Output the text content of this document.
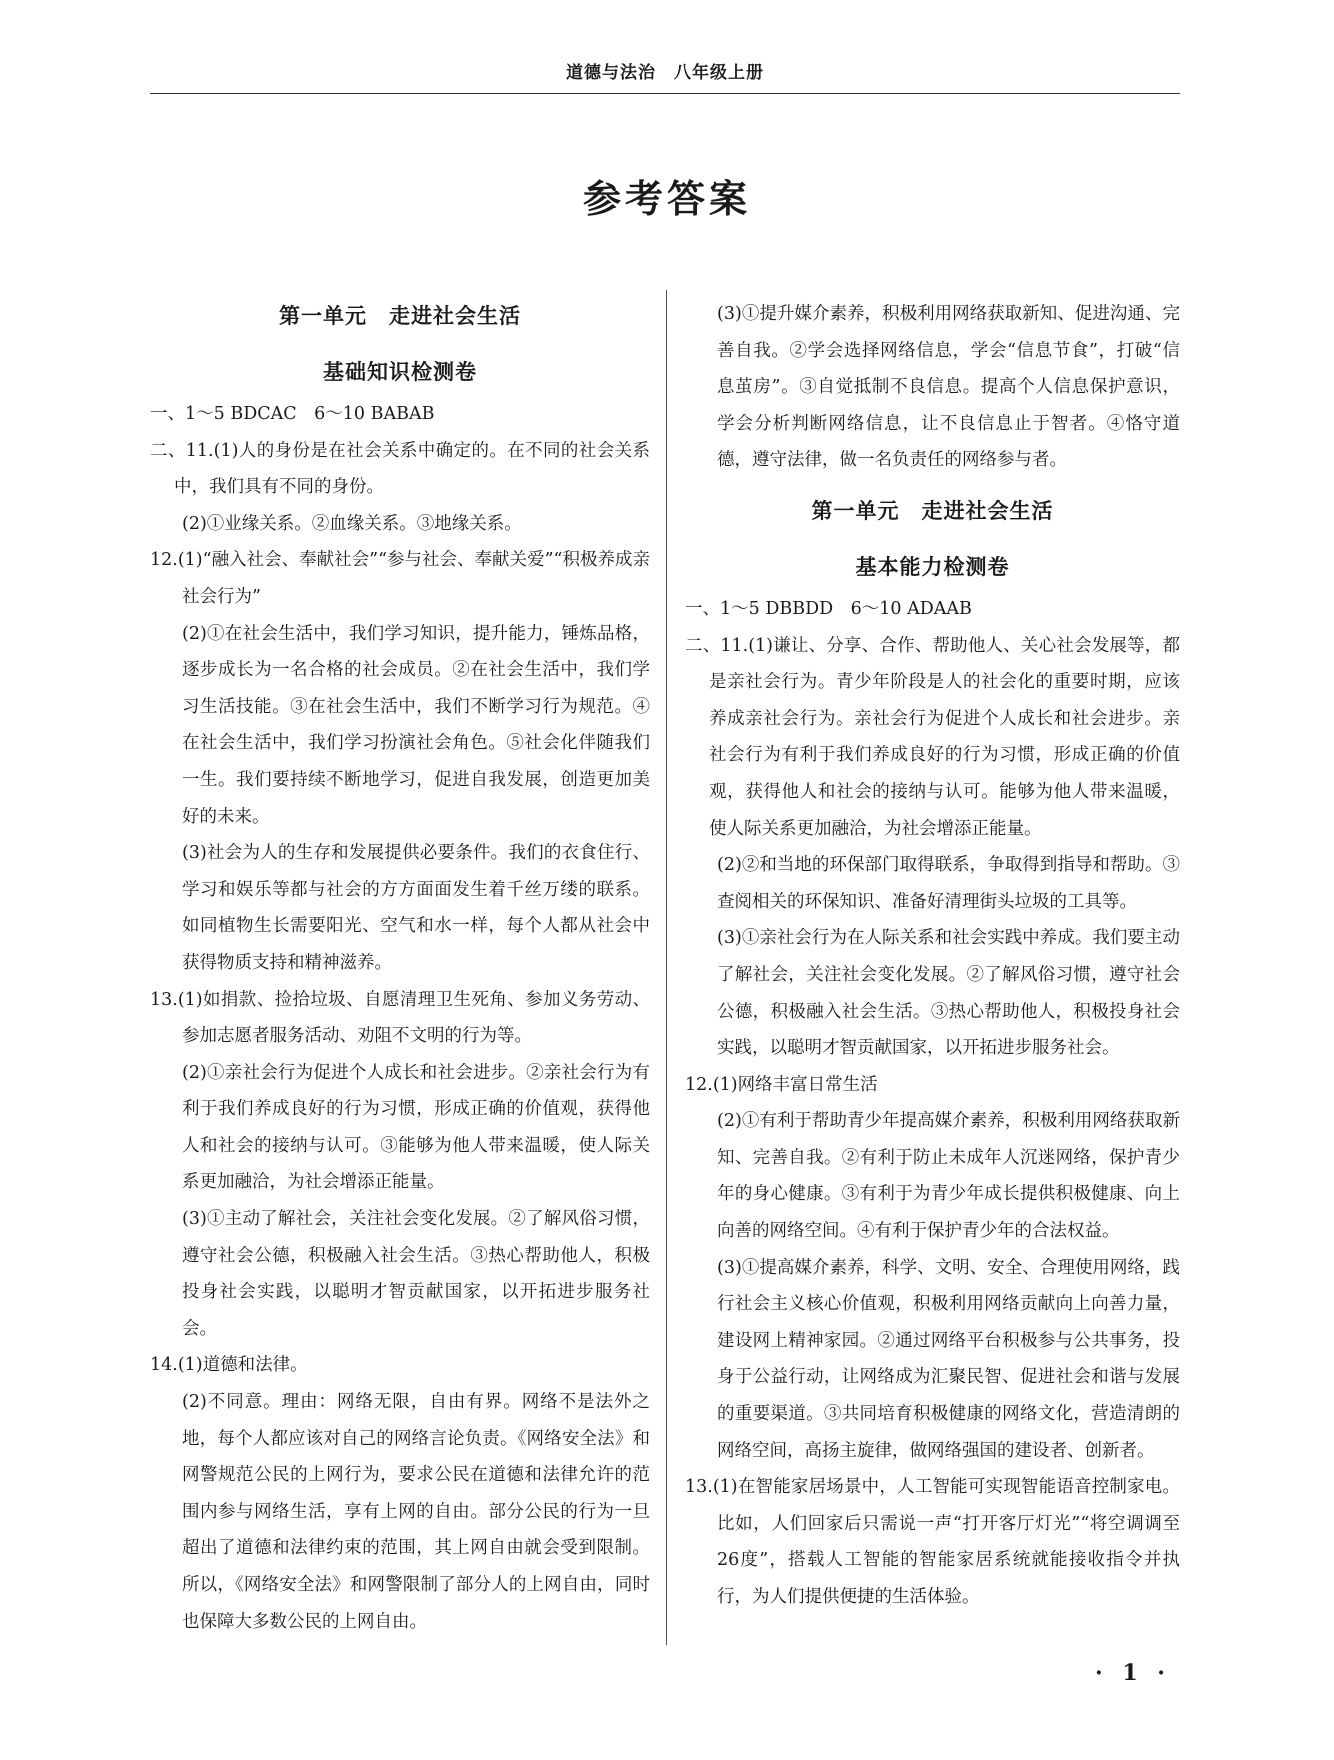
道德与法治　八年级上册
参考答案
第一单元　走进社会生活
基础知识检测卷

一、1～5 BDCAC　6～10 BABAB

二、11.(1)人的身份是在社会关系中确定的。在不同的社会关系中，我们具有不同的身份。

(2)①业缘关系。②血缘关系。③地缘关系。

12.(1)“融入社会、奉献社会”“参与社会、奉献关爱”“积极养成亲社会行为”

(2)①在社会生活中，我们学习知识，提升能力，锤炼品格，逐步成长为一名合格的社会成员。②在社会生活中，我们学习生活技能。③在社会生活中，我们不断学习行为规范。④在社会生活中，我们学习扮演社会角色。⑤社会化伴随我们一生。我们要持续不断地学习，促进自我发展，创造更加美好的未来。

(3)社会为人的生存和发展提供必要条件。我们的衣食住行、学习和娱乐等都与社会的方方面面发生着千丝万缕的联系。如同植物生长需要阳光、空气和水一样，每个人都从社会中获得物质支持和精神滋养。

13.(1)如捐款、捡拾垃圾、自愿清理卫生死角、参加义务劳动、参加志愿者服务活动、劝阻不文明的行为等。

(2)①亲社会行为促进个人成长和社会进步。②亲社会行为有利于我们养成良好的行为习惯，形成正确的价值观，获得他人和社会的接纳与认可。③能够为他人带来温暖，使人际关系更加融洽，为社会增添正能量。

(3)①主动了解社会，关注社会变化发展。②了解风俗习惯，遵守社会公德，积极融入社会生活。③热心帮助他人，积极投身社会实践，以聪明才智贡献国家，以开拓进步服务社会。

14.(1)道德和法律。

(2)不同意。理由：网络无限，自由有界。网络不是法外之地，每个人都应该对自己的网络言论负责。《网络安全法》和网警规范公民的上网行为，要求公民在道德和法律允许的范围内参与网络生活，享有上网的自由。部分公民的行为一旦超出了道德和法律约束的范围，其上网自由就会受到限制。所以，《网络安全法》和网警限制了部分人的上网自由，同时也保障大多数公民的上网自由。

(3)①提升媒介素养，积极利用网络获取新知、促进沟通、完善自我。②学会选择网络信息，学会“信息节食”，打破“信息茧房”。③自觉抵制不良信息。提高个人信息保护意识，学会分析判断网络信息，让不良信息止于智者。④恪守道德，遵守法律，做一名负责任的网络参与者。

第一单元　走进社会生活
基本能力检测卷

一、1～5 DBBDD　6～10 ADAAB

二、11.(1)谦让、分享、合作、帮助他人、关心社会发展等，都是亲社会行为。青少年阶段是人的社会化的重要时期，应该养成亲社会行为。亲社会行为促进个人成长和社会进步。亲社会行为有利于我们养成良好的行为习惯，形成正确的价值观，获得他人和社会的接纳与认可。能够为他人带来温暖，使人际关系更加融洽，为社会增添正能量。

(2)②和当地的环保部门取得联系，争取得到指导和帮助。③查阅相关的环保知识、准备好清理街头垃圾的工具等。

(3)①亲社会行为在人际关系和社会实践中养成。我们要主动了解社会，关注社会变化发展。②了解风俗习惯，遵守社会公德，积极融入社会生活。③热心帮助他人，积极投身社会实践，以聪明才智贡献国家，以开拓进步服务社会。

12.(1)网络丰富日常生活

(2)①有利于帮助青少年提高媒介素养，积极利用网络获取新知、完善自我。②有利于防止未成年人沉迷网络，保护青少年的身心健康。③有利于为青少年成长提供积极健康、向上向善的网络空间。④有利于保护青少年的合法权益。

(3)①提高媒介素养，科学、文明、安全、合理使用网络，践行社会主义核心价值观，积极利用网络贡献向上向善力量，建设网上精神家园。②通过网络平台积极参与公共事务，投身于公益行动，让网络成为汇聚民智、促进社会和谐与发展的重要渠道。③共同培育积极健康的网络文化，营造清朗的网络空间，高扬主旋律，做网络强国的建设者、创新者。

13.(1)在智能家居场景中，人工智能可实现智能语音控制家电。比如，人们回家后只需说一声“打开客厅灯光”“将空调调至26度”，搭载人工智能的智能家居系统就能接收指令并执行，为人们提供便捷的生活体验。

· 1 ·
